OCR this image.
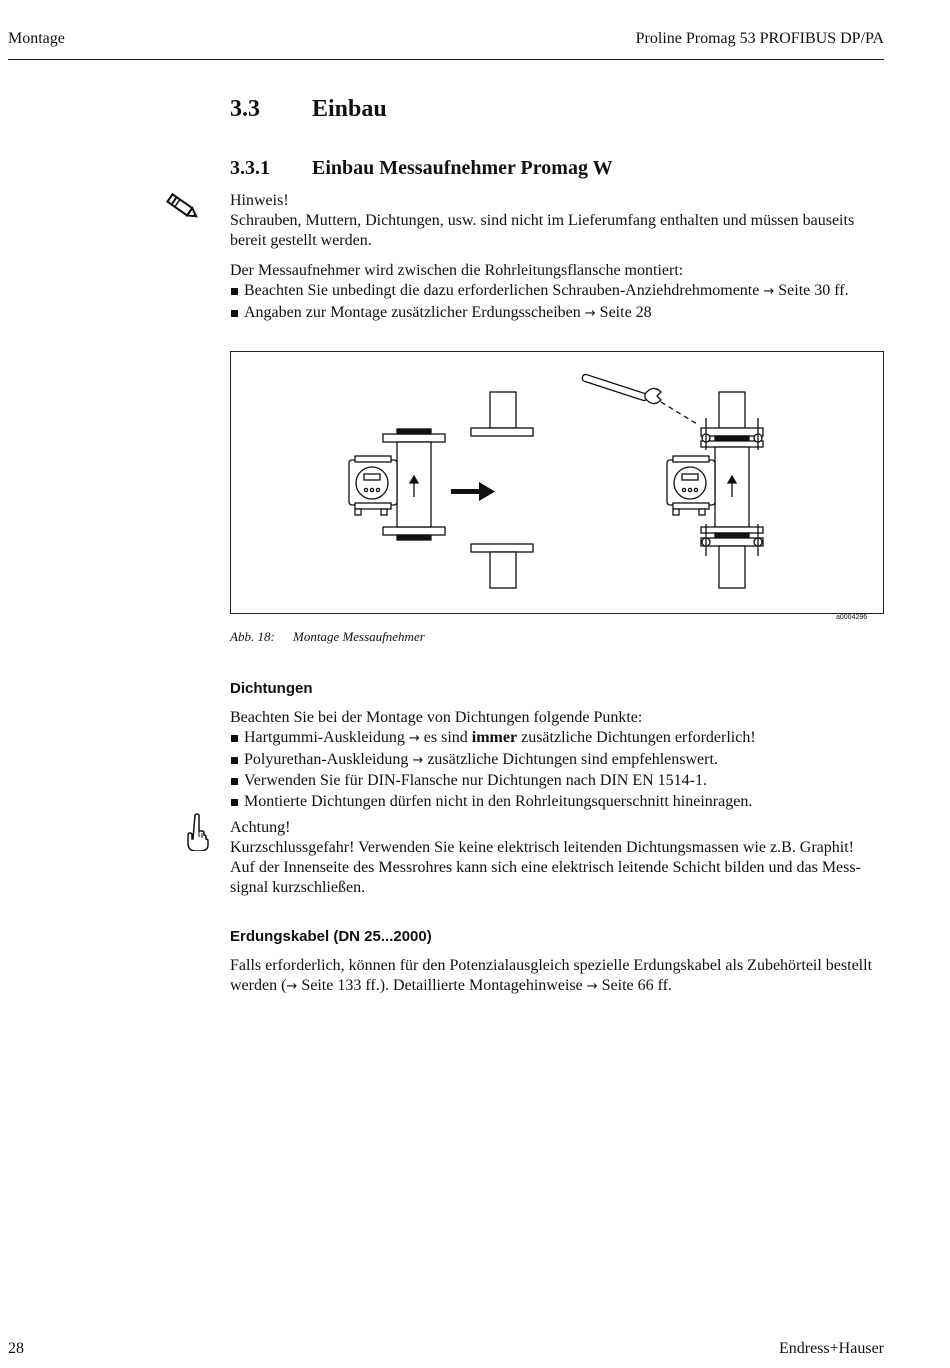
Montage	Proline Promag 53 PROFIBUS DP/PA
3.3 Einbau
3.3.1 Einbau Messaufnehmer Promag W
Hinweis!
Schrauben, Muttern, Dichtungen, usw. sind nicht im Lieferumfang enthalten und müssen bauseits bereit gestellt werden.
Der Messaufnehmer wird zwischen die Rohrleitungsflansche montiert:
Beachten Sie unbedingt die dazu erforderlichen Schrauben-Anziehdrehmomente → Seite 30 ff.
Angaben zur Montage zusätzlicher Erdungsscheiben → Seite 28
a0004296
Abb. 18: Montage Messaufnehmer
Dichtungen
Beachten Sie bei der Montage von Dichtungen folgende Punkte:
Hartgummi-Auskleidung → es sind immer zusätzliche Dichtungen erforderlich!
Polyurethan-Auskleidung → zusätzliche Dichtungen sind empfehlenswert.
Verwenden Sie für DIN-Flansche nur Dichtungen nach DIN EN 1514-1.
Montierte Dichtungen dürfen nicht in den Rohrleitungsquerschnitt hineinragen.
Achtung!
Kurzschlussgefahr! Verwenden Sie keine elektrisch leitenden Dichtungsmassen wie z.B. Graphit!
Auf der Innenseite des Messrohres kann sich eine elektrisch leitende Schicht bilden und das Mess-
signal kurzschließen.
Erdungskabel (DN 25...2000)
Falls erforderlich, können für den Potenzialausgleich spezielle Erdungskabel als Zubehörteil bestellt
werden (→ Seite 133 ff.). Detaillierte Montagehinweise → Seite 66 ff.
28	Endress+Hauser
